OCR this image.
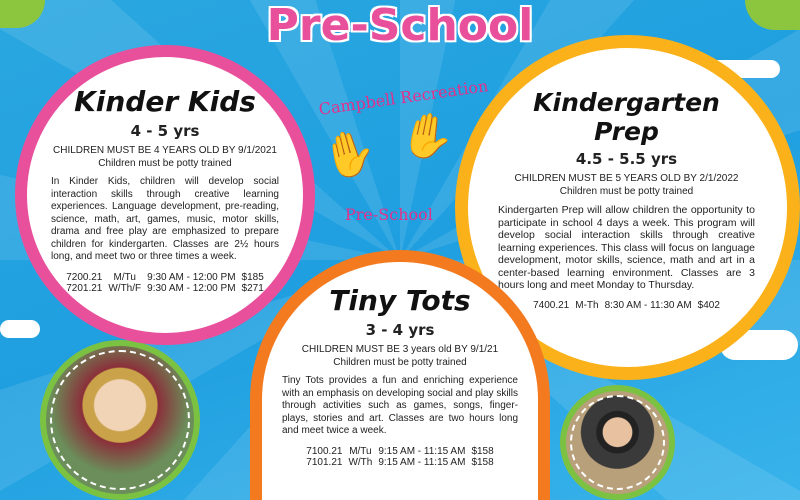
Pre-School
Campbell Recreation
✋ ✋
Pre-School
Kinder Kids
4 - 5 yrs
CHILDREN MUST BE 4 YEARS OLD BY 9/1/2021
Children must be potty trained
In Kinder Kids, children will develop social interaction skills through creative learning experiences. Language development, pre-reading, science, math, art, games, music, motor skills, drama and free play are emphasized to prepare children for kindergarten. Classes are 2½ hours long, and meet two or three times a week.
7200.21	M/Tu	9:30 AM - 12:00 PM	$185
7201.21	W/Th/F	9:30 AM - 12:00 PM	$271
Kindergarten Prep
4.5 - 5.5 yrs
CHILDREN MUST BE 5 YEARS OLD BY 2/1/2022
Children must be potty trained
Kindergarten Prep will allow children the opportunity to participate in school 4 days a week. This program will develop social interaction skills through creative learning experiences. This class will focus on language development, motor skills, science, math and art in a center-based learning environment. Classes are 3 hours long and meet Monday to Thursday.
7400.21	M-Th	8:30 AM - 11:30 AM	$402
Tiny Tots
3 - 4 yrs
CHILDREN MUST BE 3 years old BY 9/1/21
Children must be potty trained
Tiny Tots provides a fun and enriching experience with an emphasis on developing social and play skills through activities such as games, songs, finger-plays, stories and art. Classes are two hours long and meet twice a week.
7100.21	M/Tu	9:15 AM - 11:15 AM	$158
7101.21	W/Th	9:15 AM - 11:15 AM	$158
